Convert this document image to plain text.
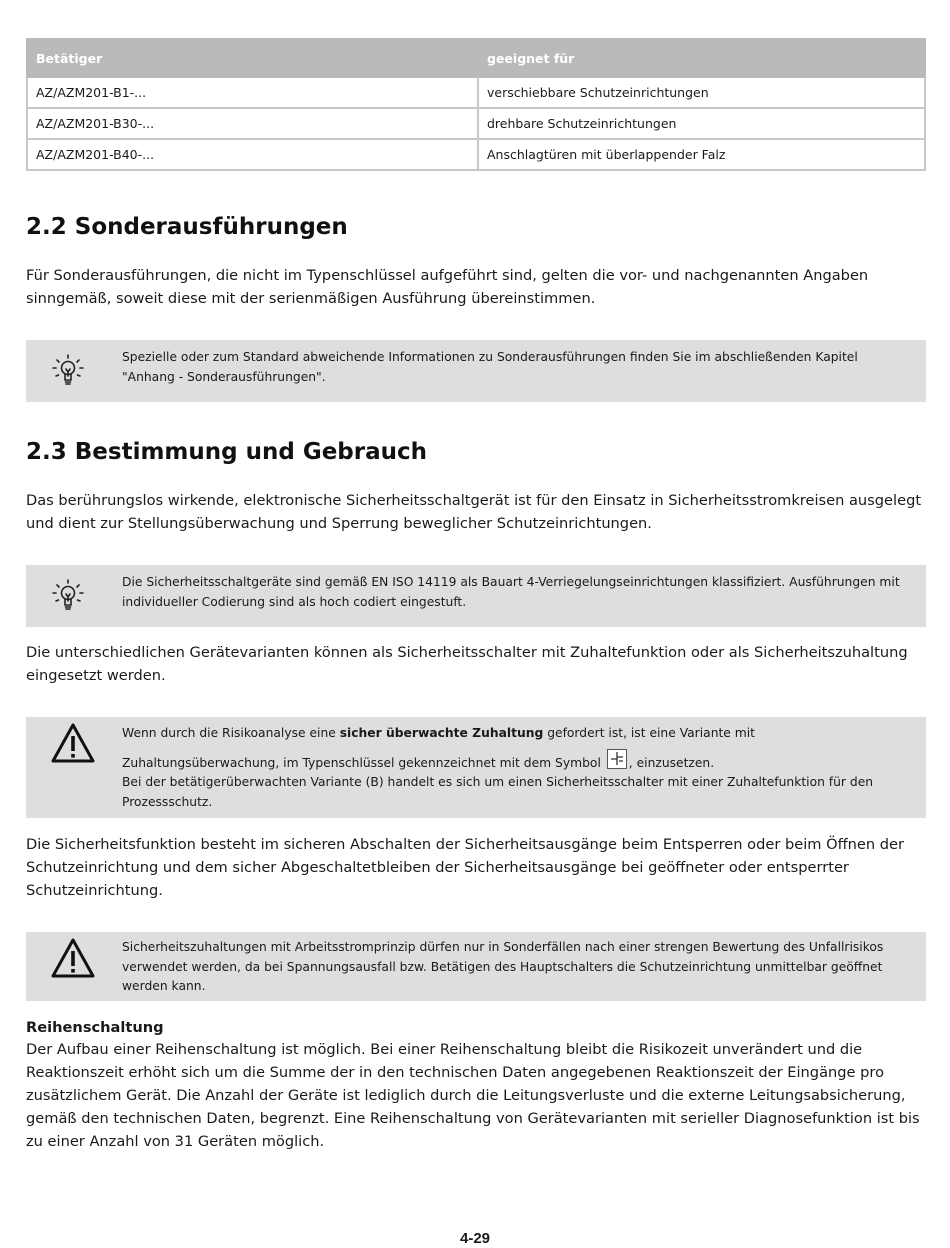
Betätiger	geeignet für
AZ/AZM201-B1-...	verschiebbare Schutzeinrichtungen
AZ/AZM201-B30-...	drehbare Schutzeinrichtungen
AZ/AZM201-B40-...	Anschlagtüren mit überlappender Falz
2.2 Sonderausführungen

Für Sonderausführungen, die nicht im Typenschlüssel aufgeführt sind, gelten die vor- und nachgenannten Angaben sinngemäß, soweit diese mit der serienmäßigen Ausführung übereinstimmen.

Spezielle oder zum Standard abweichende Informationen zu Sonderausführungen finden Sie im abschließenden Kapitel "Anhang - Sonderausführungen".
2.3 Bestimmung und Gebrauch

Das berührungslos wirkende, elektronische Sicherheitsschaltgerät ist für den Einsatz in Sicherheitsstromkreisen ausgelegt und dient zur Stellungsüberwachung und Sperrung beweglicher Schutzeinrichtungen.

Die Sicherheitsschaltgeräte sind gemäß EN ISO 14119 als Bauart 4-Verriegelungseinrichtungen klassifiziert. Ausführungen mit individueller Codierung sind als hoch codiert eingestuft.

Die unterschiedlichen Gerätevarianten können als Sicherheitsschalter mit Zuhaltefunktion oder als Sicherheitszuhaltung eingesetzt werden.

Wenn durch die Risikoanalyse eine sicher überwachte Zuhaltung gefordert ist, ist eine Variante mit
Zuhaltungsüberwachung, im Typenschlüssel gekennzeichnet mit dem Symbol , einzusetzen.
Bei der betätigerüberwachten Variante (B) handelt es sich um einen Sicherheitsschalter mit einer Zuhaltefunktion für den Prozessschutz.

Die Sicherheitsfunktion besteht im sicheren Abschalten der Sicherheitsausgänge beim Entsperren oder beim Öffnen der Schutzeinrichtung und dem sicher Abgeschaltetbleiben der Sicherheitsausgänge bei geöffneter oder entsperrter Schutzeinrichtung.

Sicherheitszuhaltungen mit Arbeitsstromprinzip dürfen nur in Sonderfällen nach einer strengen Bewertung des Unfallrisikos verwendet werden, da bei Spannungsausfall bzw. Betätigen des Hauptschalters die Schutzeinrichtung unmittelbar geöffnet werden kann.
Reihenschaltung

Der Aufbau einer Reihenschaltung ist möglich. Bei einer Reihenschaltung bleibt die Risikozeit unverändert und die Reaktionszeit erhöht sich um die Summe der in den technischen Daten angegebenen Reaktionszeit der Eingänge pro zusätzlichem Gerät. Die Anzahl der Geräte ist lediglich durch die Leitungsverluste und die externe Leitungsabsicherung, gemäß den technischen Daten, begrenzt. Eine Reihenschaltung von Gerätevarianten mit serieller Diagnosefunktion ist bis zu einer Anzahl von 31 Geräten möglich.

4-29
